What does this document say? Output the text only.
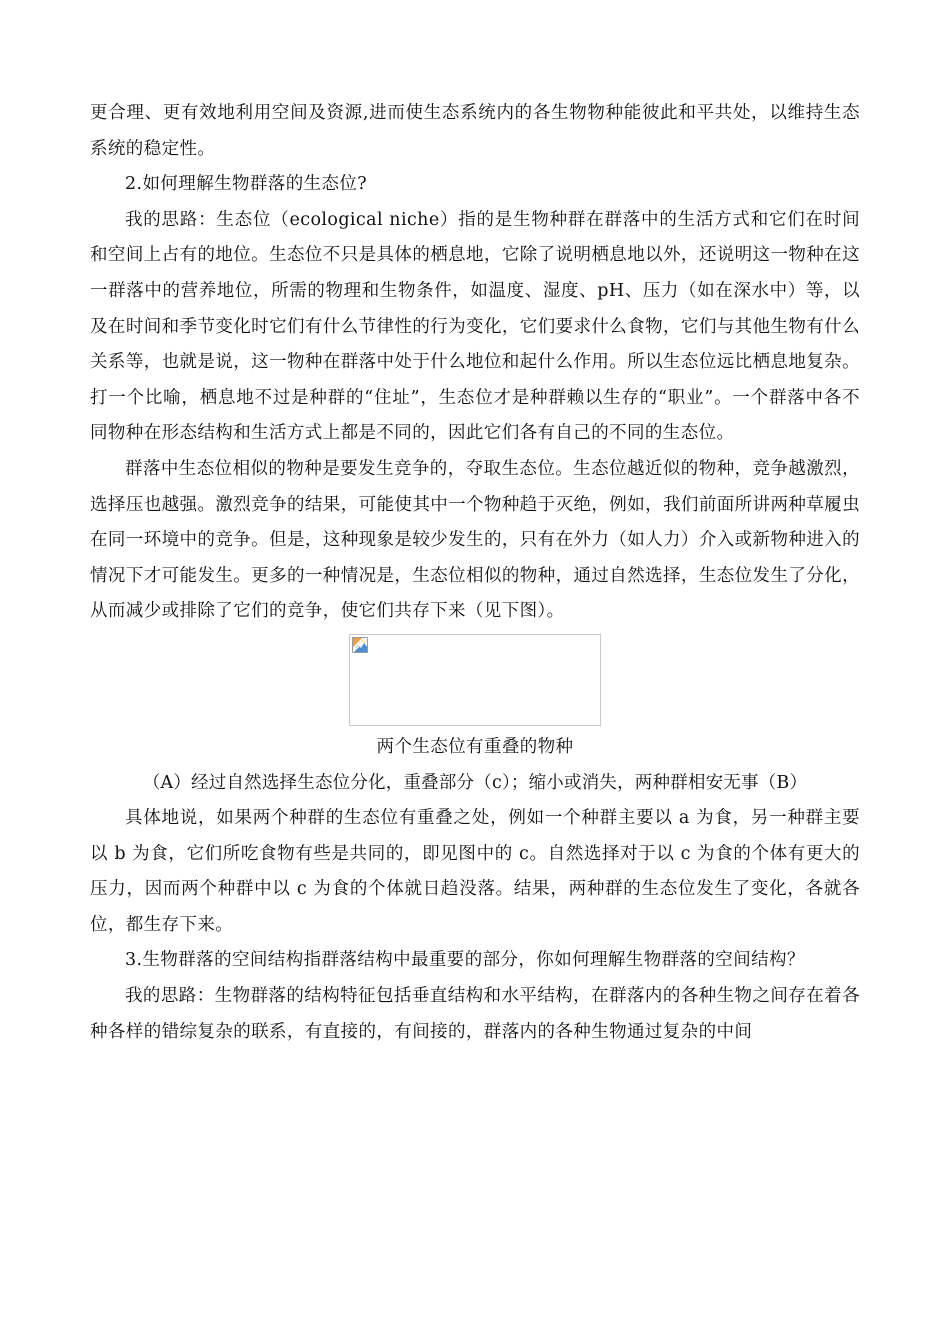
更合理、更有效地利用空间及资源,进而使生态系统内的各生物物种能彼此和平共处，以维持生态系统的稳定性。

2.如何理解生物群落的生态位?

我的思路：生态位（ecological niche）指的是生物种群在群落中的生活方式和它们在时间和空间上占有的地位。生态位不只是具体的栖息地，它除了说明栖息地以外，还说明这一物种在这一群落中的营养地位，所需的物理和生物条件，如温度、湿度、pH、压力（如在深水中）等，以及在时间和季节变化时它们有什么节律性的行为变化，它们要求什么食物，它们与其他生物有什么关系等，也就是说，这一物种在群落中处于什么地位和起什么作用。所以生态位远比栖息地复杂。打一个比喻，栖息地不过是种群的“住址”，生态位才是种群赖以生存的“职业”。一个群落中各不同物种在形态结构和生活方式上都是不同的，因此它们各有自己的不同的生态位。

群落中生态位相似的物种是要发生竞争的，夺取生态位。生态位越近似的物种，竞争越激烈，选择压也越强。激烈竞争的结果，可能使其中一个物种趋于灭绝，例如，我们前面所讲两种草履虫在同一环境中的竞争。但是，这种现象是较少发生的，只有在外力（如人力）介入或新物种进入的情况下才可能发生。更多的一种情况是，生态位相似的物种，通过自然选择，生态位发生了分化，从而减少或排除了它们的竞争，使它们共存下来（见下图）。

两个生态位有重叠的物种

（A）经过自然选择生态位分化，重叠部分（c）；缩小或消失，两种群相安无事（B）

具体地说，如果两个种群的生态位有重叠之处，例如一个种群主要以 a 为食，另一种群主要以 b 为食，它们所吃食物有些是共同的，即见图中的 c。自然选择对于以 c 为食的个体有更大的压力，因而两个种群中以 c 为食的个体就日趋没落。结果，两种群的生态位发生了变化，各就各位，都生存下来。

3.生物群落的空间结构指群落结构中最重要的部分，你如何理解生物群落的空间结构？

我的思路：生物群落的结构特征包括垂直结构和水平结构，在群落内的各种生物之间存在着各种各样的错综复杂的联系，有直接的，有间接的，群落内的各种生物通过复杂的中间
